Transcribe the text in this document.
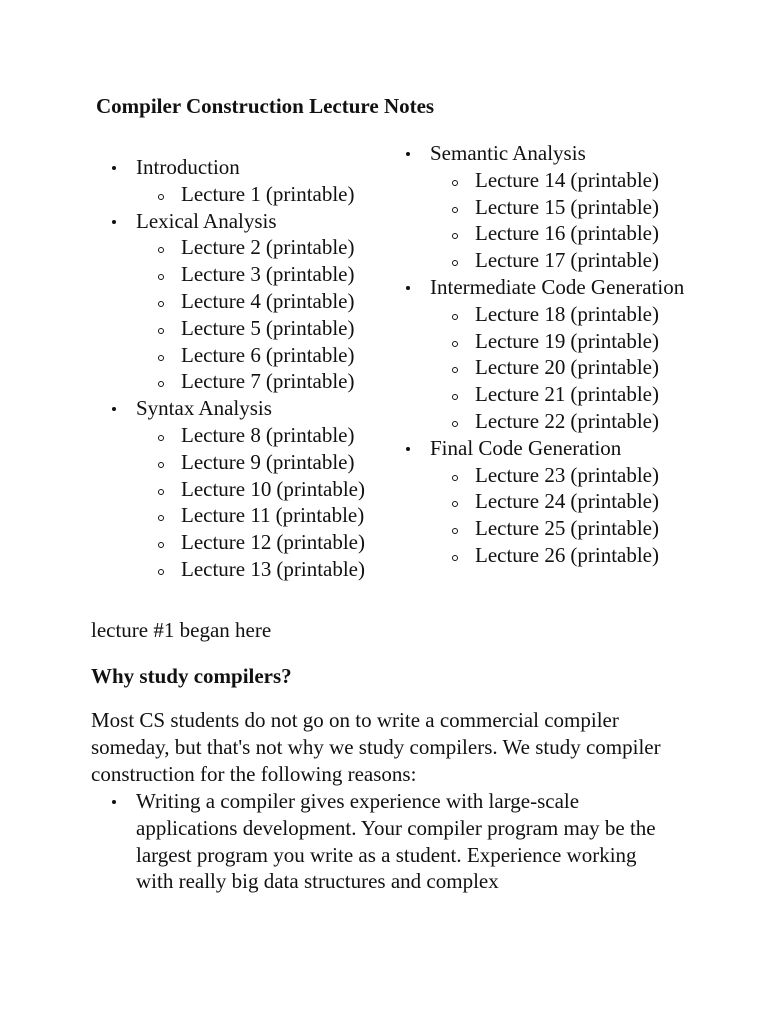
Compiler Construction Lecture Notes
Introduction
Lecture 1 (printable)
Lexical Analysis
Lecture 2 (printable)
Lecture 3 (printable)
Lecture 4 (printable)
Lecture 5 (printable)
Lecture 6 (printable)
Lecture 7 (printable)
Syntax Analysis
Lecture 8 (printable)
Lecture 9 (printable)
Lecture 10 (printable)
Lecture 11 (printable)
Lecture 12 (printable)
Lecture 13 (printable)
Semantic Analysis
Lecture 14 (printable)
Lecture 15 (printable)
Lecture 16 (printable)
Lecture 17 (printable)
Intermediate Code Generation
Lecture 18 (printable)
Lecture 19 (printable)
Lecture 20 (printable)
Lecture 21 (printable)
Lecture 22 (printable)
Final Code Generation
Lecture 23 (printable)
Lecture 24 (printable)
Lecture 25 (printable)
Lecture 26 (printable)

lecture #1 began here

Why study compilers?

Most CS students do not go on to write a commercial compiler someday, but that's not why we study compilers. We study compiler construction for the following reasons:

Writing a compiler gives experience with large-scale applications development. Your compiler program may be the largest program you write as a student. Experience working with really big data structures and complex
